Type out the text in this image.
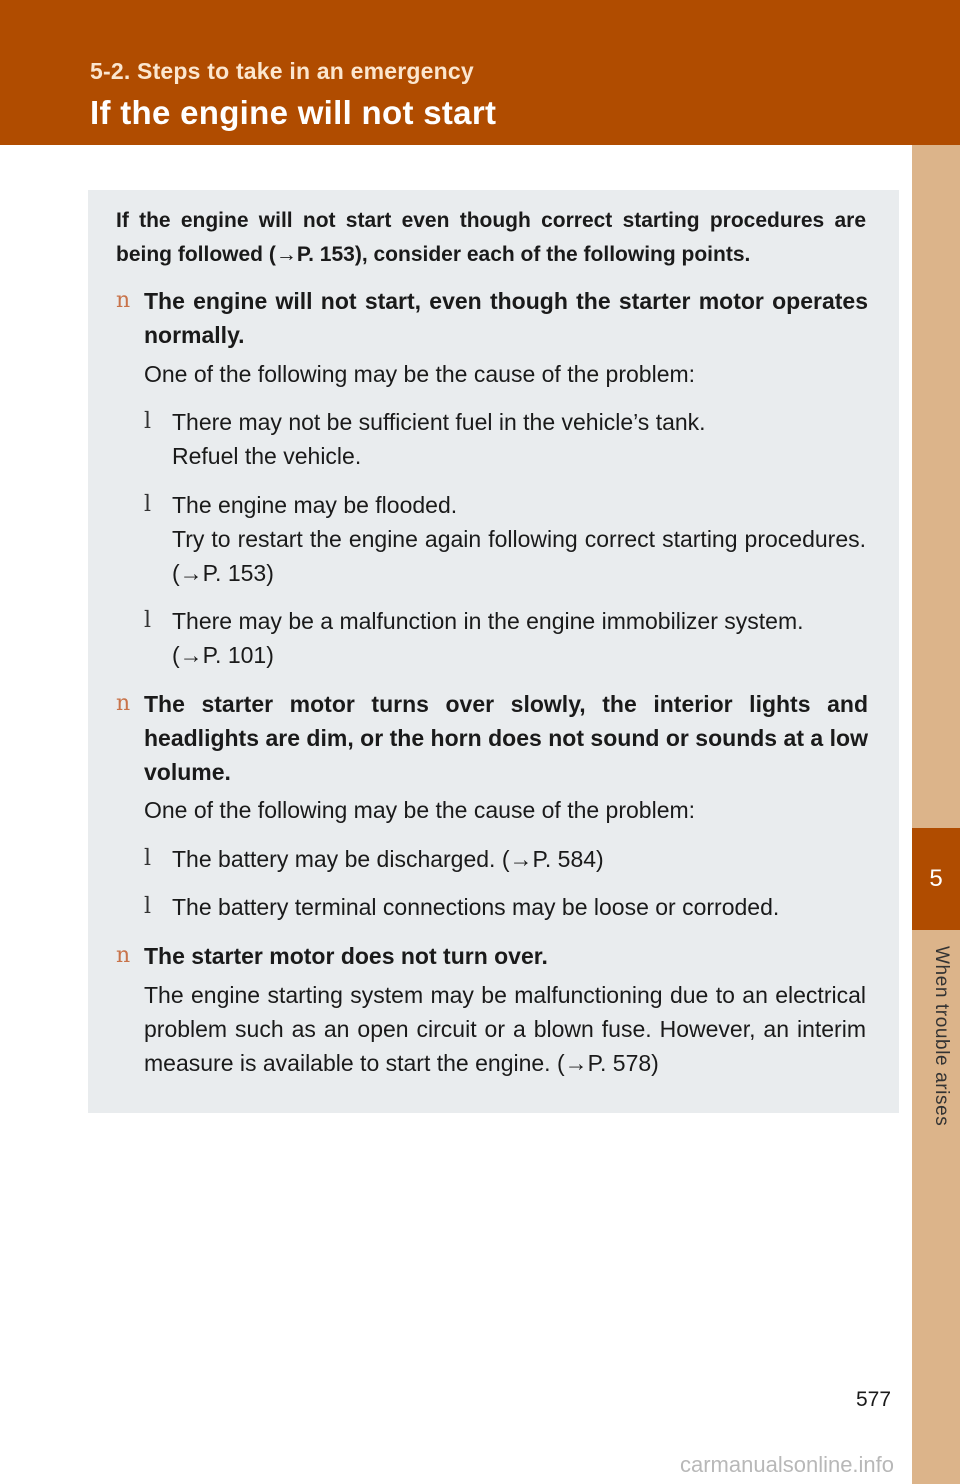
5-2. Steps to take in an emergency
If the engine will not start
5
When trouble arises
If the engine will not start even though correct starting procedures are being followed (→P. 153), consider each of the following points.
n The engine will not start, even though the starter motor operates normally.
One of the following may be the cause of the problem:
l There may not be sufficient fuel in the vehicle’s tank.
Refuel the vehicle.
l The engine may be flooded.
Try to restart the engine again following correct starting procedures. (→P. 153)
l There may be a malfunction in the engine immobilizer system.
(→P. 101)
n The starter motor turns over slowly, the interior lights and headlights are dim, or the horn does not sound or sounds at a low volume.
One of the following may be the cause of the problem:
l The battery may be discharged. (→P. 584)
l The battery terminal connections may be loose or corroded.
n The starter motor does not turn over.
The engine starting system may be malfunctioning due to an electrical problem such as an open circuit or a blown fuse. However, an interim measure is available to start the engine. (→P. 578)
577
carmanualsonline.info
